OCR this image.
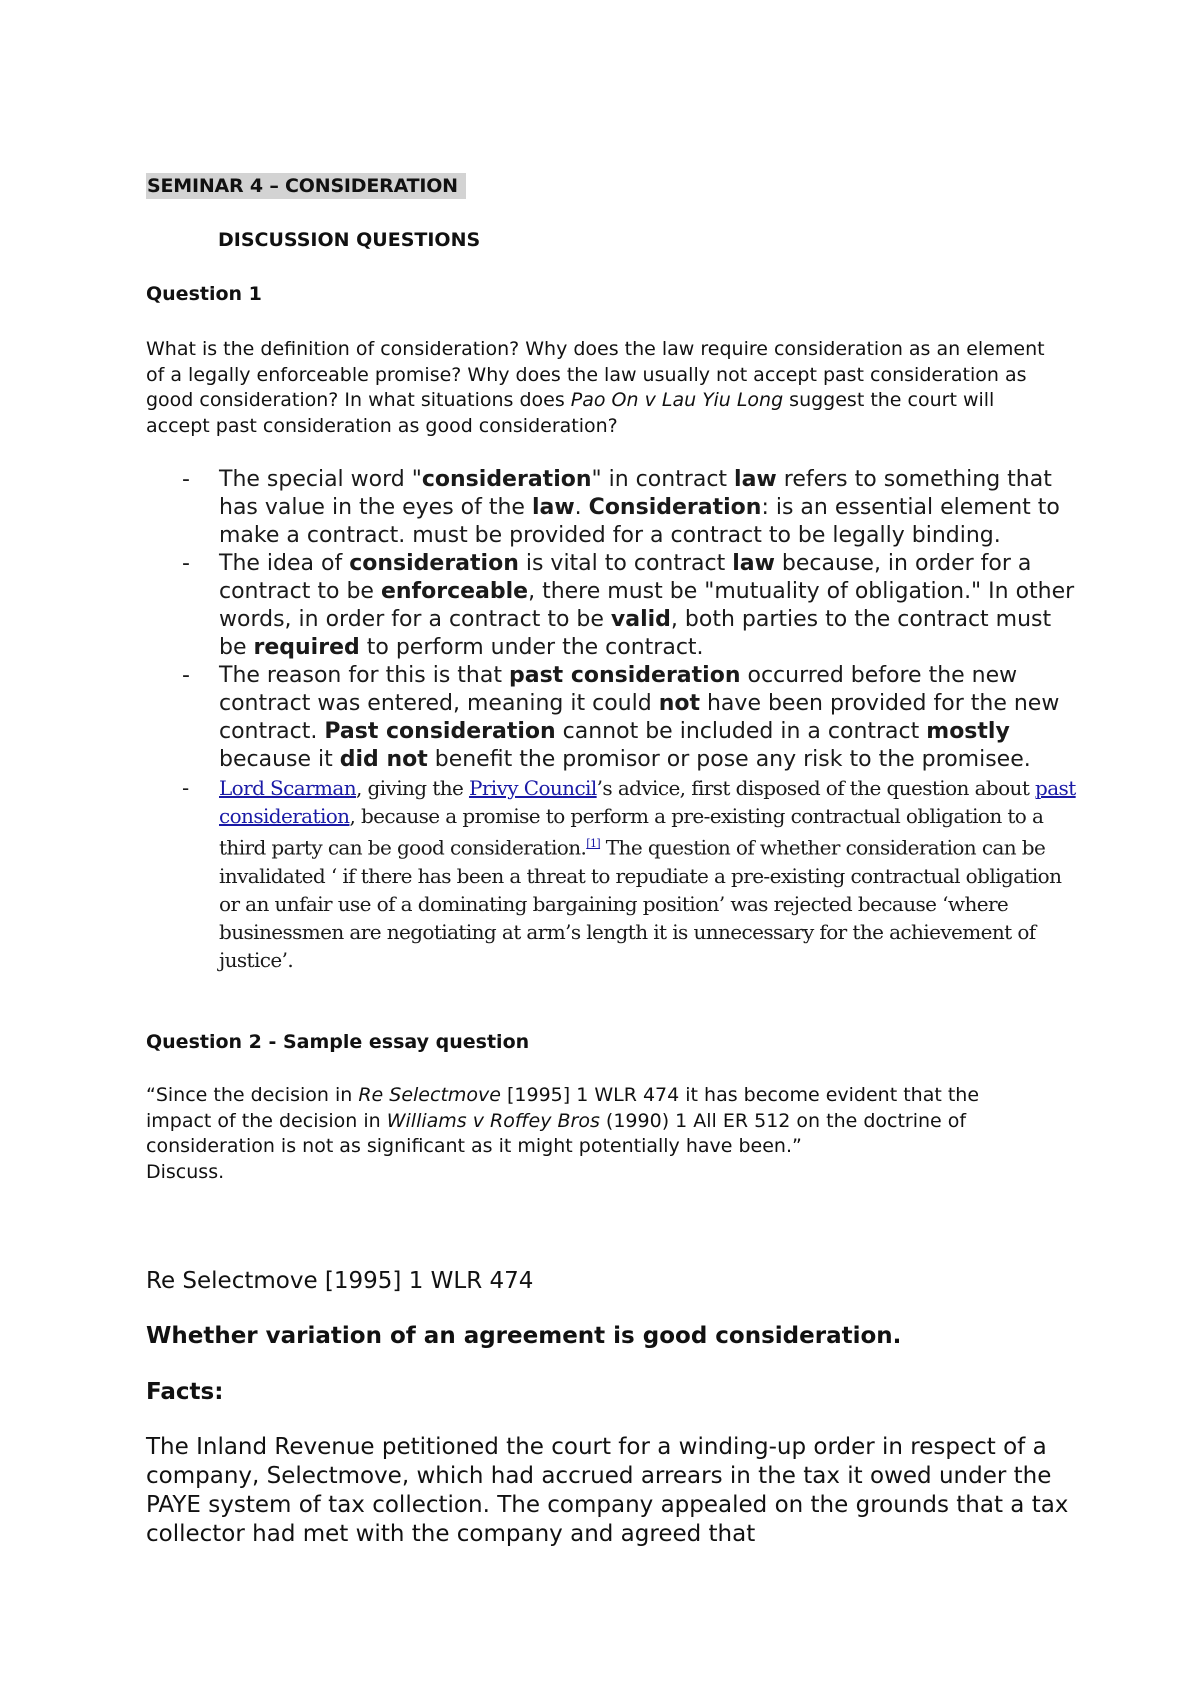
SEMINAR 4 – CONSIDERATION

DISCUSSION QUESTIONS

Question 1

What is the definition of consideration? Why does the law require consideration as an element of a legally enforceable promise? Why does the law usually not accept past consideration as good consideration? In what situations does Pao On v Lau Yiu Long suggest the court will accept past consideration as good consideration?

- The special word "consideration" in contract law refers to something that has value in the eyes of the law. Consideration: is an essential element to make a contract. must be provided for a contract to be legally binding.
- The idea of consideration is vital to contract law because, in order for a contract to be enforceable, there must be "mutuality of obligation." In other words, in order for a contract to be valid, both parties to the contract must be required to perform under the contract.
- The reason for this is that past consideration occurred before the new contract was entered, meaning it could not have been provided for the new contract. Past consideration cannot be included in a contract mostly because it did not benefit the promisor or pose any risk to the promisee.
- Lord Scarman, giving the Privy Council’s advice, first disposed of the question about past consideration, because a promise to perform a pre-existing contractual obligation to a third party can be good consideration.[1] The question of whether consideration can be invalidated ‘ if there has been a threat to repudiate a pre-existing contractual obligation or an unfair use of a dominating bargaining position’ was rejected because ‘where businessmen are negotiating at arm’s length it is unnecessary for the achievement of justice’.

Question 2 - Sample essay question

“Since the decision in Re Selectmove [1995] 1 WLR 474 it has become evident that the impact of the decision in Williams v Roffey Bros (1990) 1 All ER 512 on the doctrine of consideration is not as significant as it might potentially have been.”
Discuss.

Re Selectmove [1995] 1 WLR 474

Whether variation of an agreement is good consideration.

Facts:

The Inland Revenue petitioned the court for a winding-up order in respect of a company, Selectmove, which had accrued arrears in the tax it owed under the PAYE system of tax collection. The company appealed on the grounds that a tax collector had met with the company and agreed that
